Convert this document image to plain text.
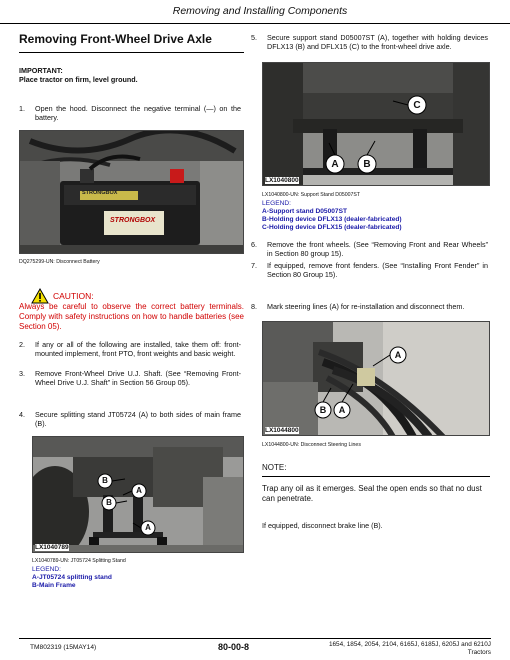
Removing and Installing Components
Removing Front-Wheel Drive Axle
IMPORTANT:
Place tractor on firm, level ground.
1.	Open the hood. Disconnect the negative terminal (—) on the battery.
STRONGBOX
STRONGBOX
DQ275299-UN: Disconnect Battery
CAUTION:
Always be careful to observe the correct battery terminals. Comply with safety instructions on how to handle batteries (see Section 05).
2.	If any or all of the following are installed, take them off: front-mounted implement, front PTO, front weights and basic weight.
3.	Remove Front-Wheel Drive U.J. Shaft. (See “Removing Front-Wheel Drive U.J. Shaft” in Section 56 Group 05).
4.	Secure splitting stand JT05724 (A) to both sides of main frame (B).
B
A
B
A
LX1040789
LX1040789-UN: JT05724 Splitting Stand
LEGEND:
A-JT05724 splitting stand
B-Main Frame
5.	Secure support stand D05007ST (A), together with holding devices DFLX13 (B) and DFLX15 (C) to the front-wheel drive axle.
C
A B
LX1040800
LX1040800-UN: Support Stand D05007ST
LEGEND:
A-Support stand D05007ST
B-Holding device DFLX13 (dealer-fabricated)
C-Holding device DFLX15 (dealer-fabricated)
6.	Remove the front wheels. (See “Removing Front and Rear Wheels” in Section 80 group 15).
7.	If equipped, remove front fenders. (See “Installing Front Fender” in Section 80 Group 15).
8.	Mark steering lines (A) for re-installation and disconnect them.
A
B A
LX1044800
LX1044800-UN: Disconnect Steering Lines
NOTE:
Trap any oil as it emerges. Seal the open ends so that no dust can penetrate.
If equipped, disconnect brake line (B).
TM802319 (15MAY14)	80-00-8	1654, 1854, 2054, 2104, 6165J, 6185J, 6205J and 6210J
Tractors
